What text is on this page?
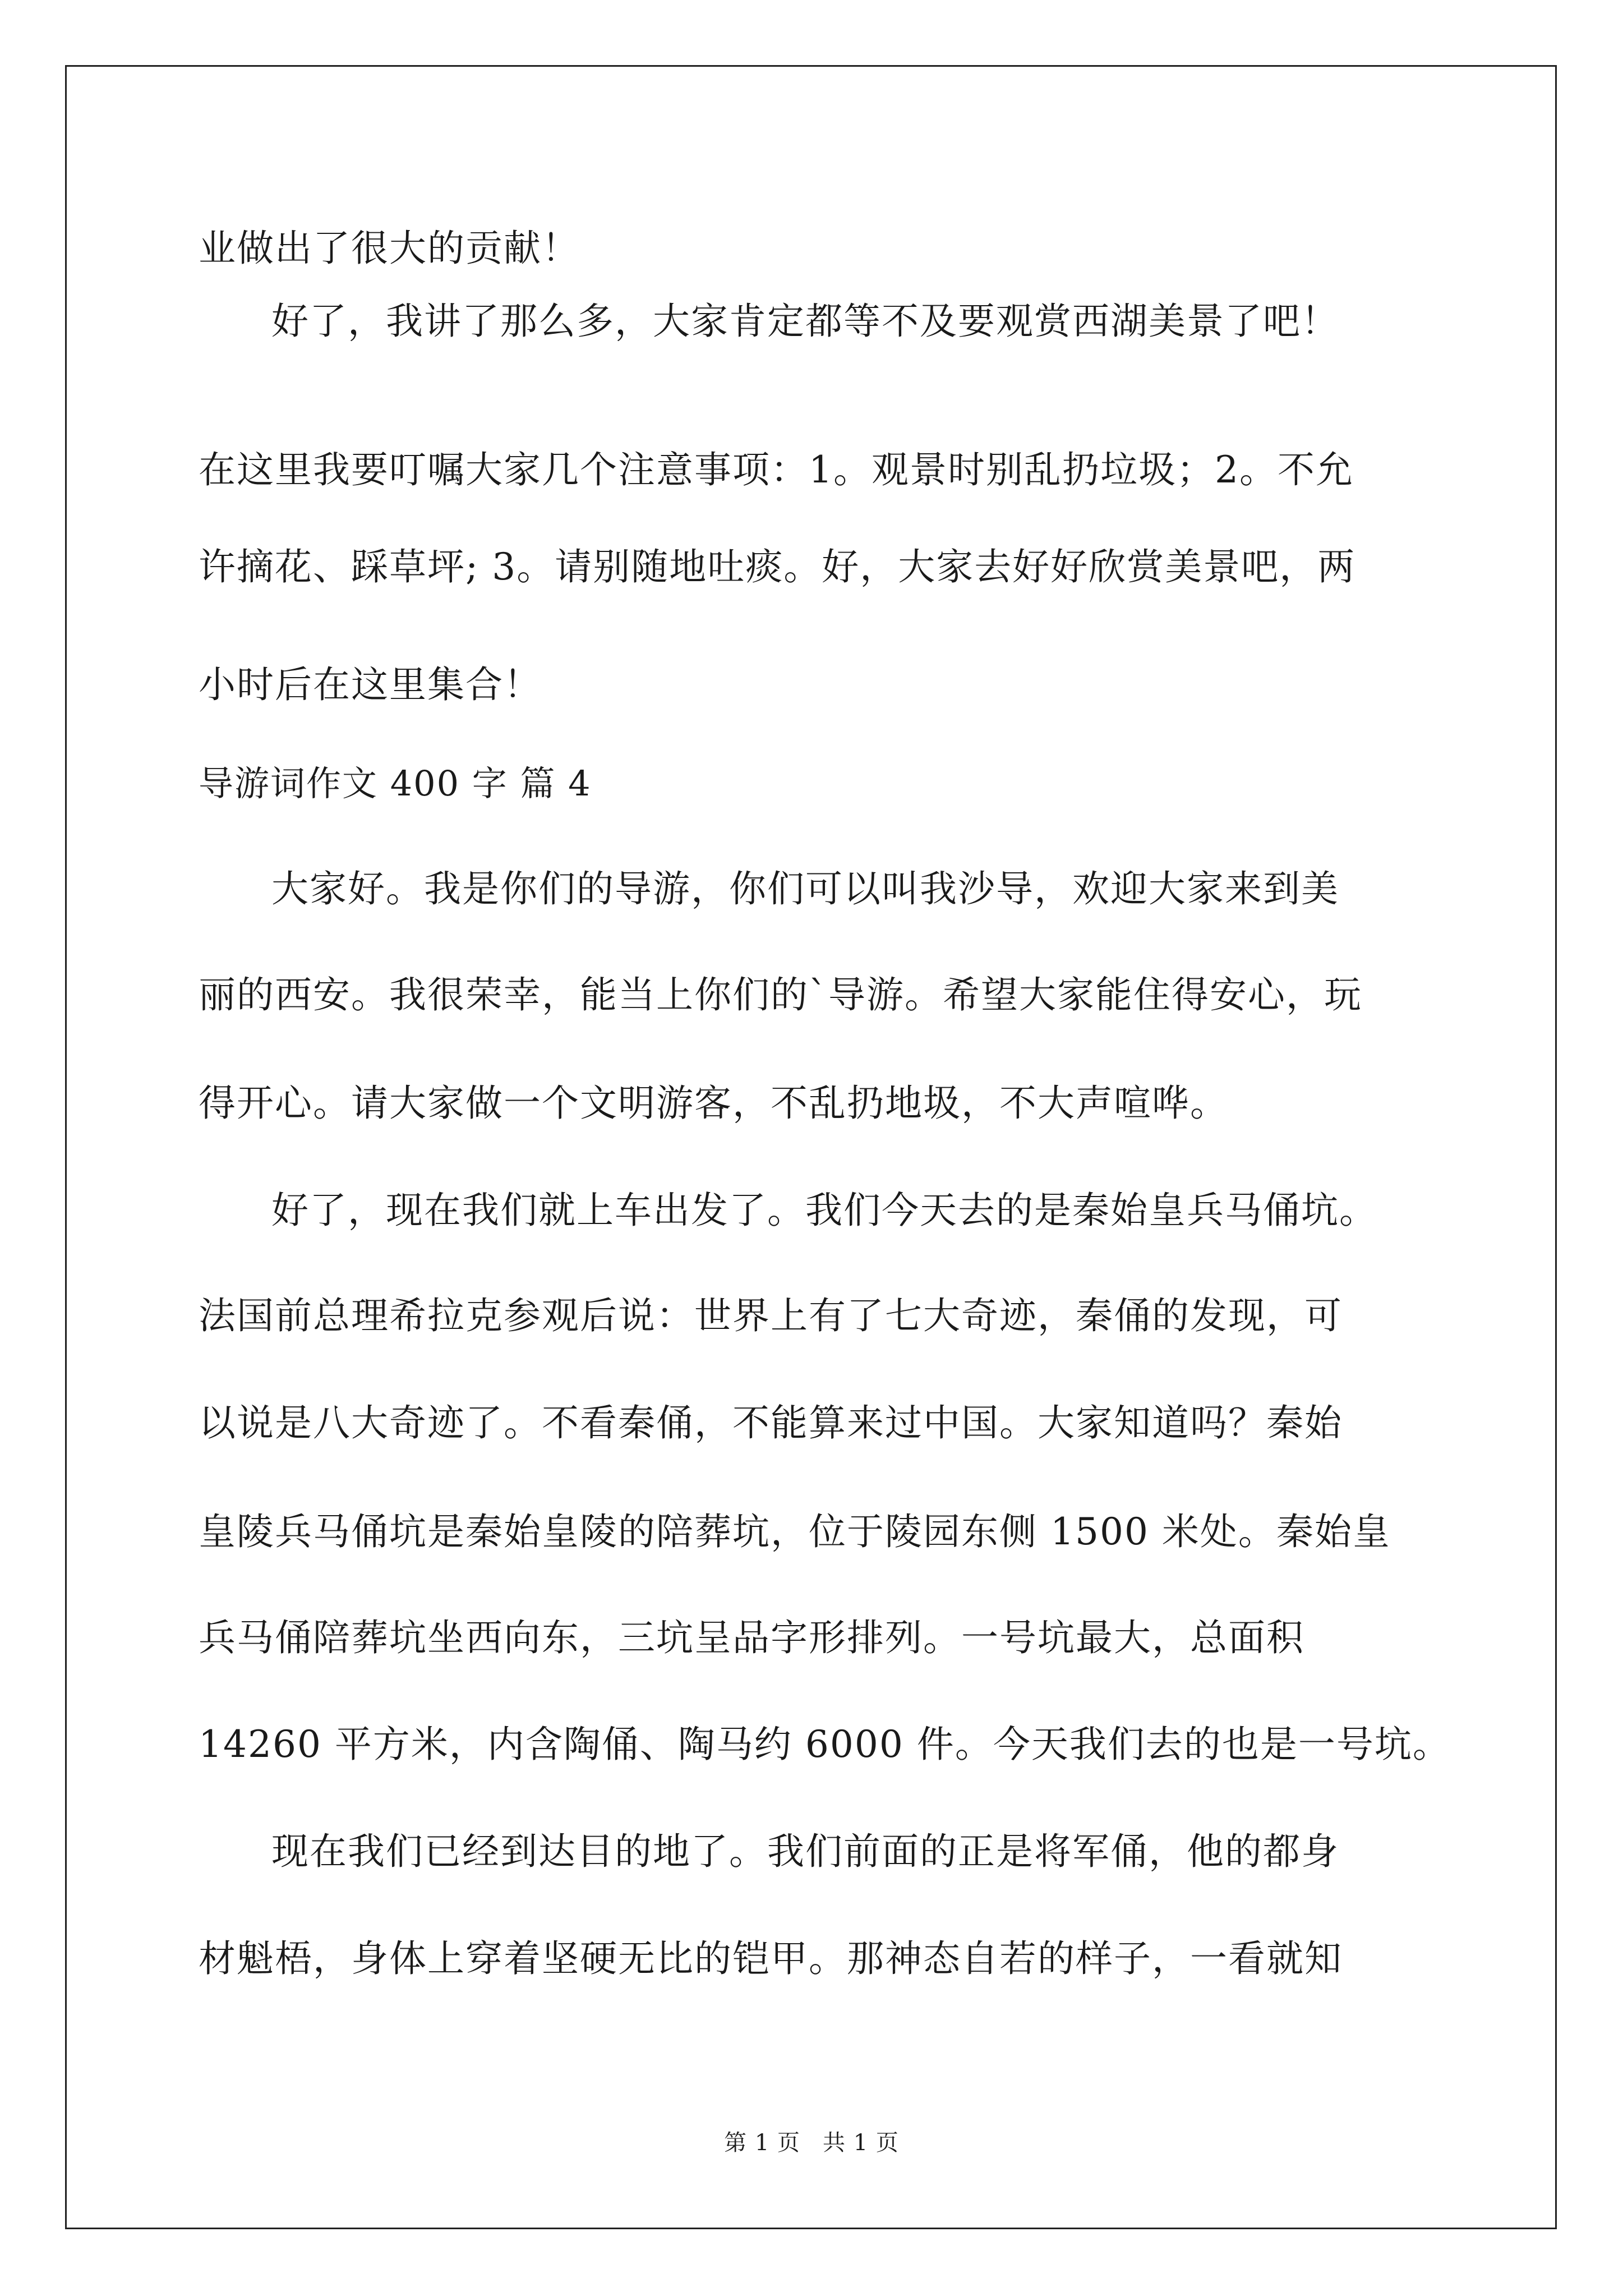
业做出了很大的贡献！
好了，我讲了那么多，大家肯定都等不及要观赏西湖美景了吧！
在这里我要叮嘱大家几个注意事项：1。观景时别乱扔垃圾；2。不允
许摘花、踩草坪; 3。请别随地吐痰。好，大家去好好欣赏美景吧，两
小时后在这里集合！
导游词作文 400 字 篇 4
大家好。我是你们的导游，你们可以叫我沙导，欢迎大家来到美
丽的西安。我很荣幸，能当上你们的`导游。希望大家能住得安心，玩
得开心。请大家做一个文明游客，不乱扔地圾，不大声喧哗。
好了，现在我们就上车出发了。我们今天去的是秦始皇兵马俑坑。
法国前总理希拉克参观后说：世界上有了七大奇迹，秦俑的发现，可
以说是八大奇迹了。不看秦俑，不能算来过中国。大家知道吗？秦始
皇陵兵马俑坑是秦始皇陵的陪葬坑，位于陵园东侧 1500 米处。秦始皇
兵马俑陪葬坑坐西向东，三坑呈品字形排列。一号坑最大，总面积
14260 平方米，内含陶俑、陶马约 6000 件。今天我们去的也是一号坑。
现在我们已经到达目的地了。我们前面的正是将军俑，他的都身
材魁梧，身体上穿着坚硬无比的铠甲。那神态自若的样子，一看就知
第 1 页 共 1 页
